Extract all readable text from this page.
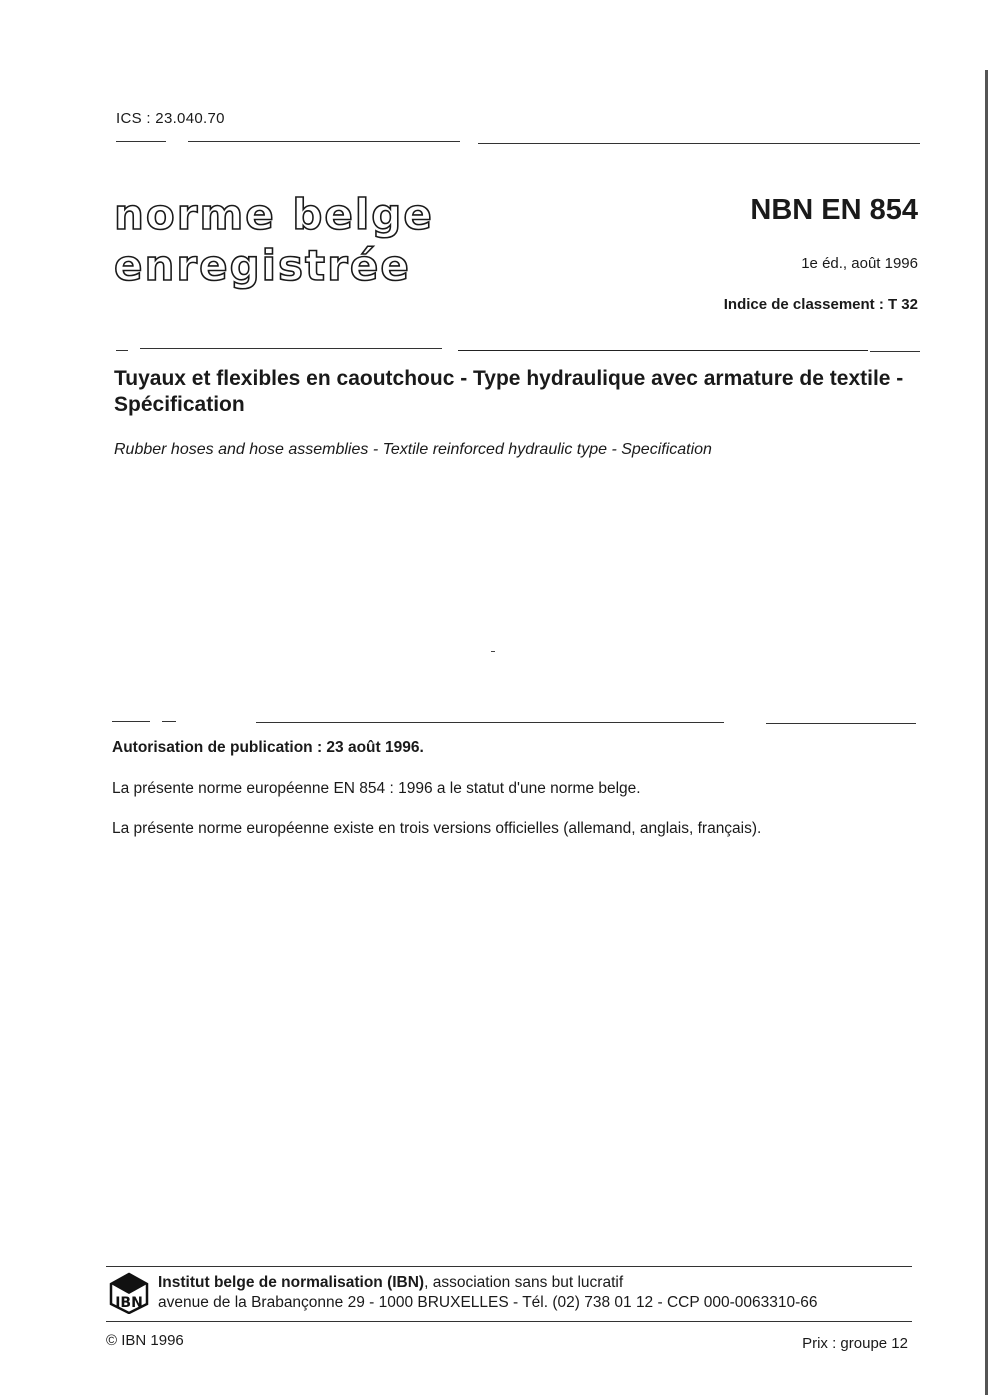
ICS : 23.040.70
norme belge
enregistrée
NBN EN 854
1e éd., août 1996
Indice de classement : T 32
Tuyaux et flexibles en caoutchouc - Type hydraulique avec armature de textile - Spécification
Rubber hoses and hose assemblies - Textile reinforced hydraulic type - Specification
Autorisation de publication : 23 août 1996.
La présente norme européenne EN 854 : 1996 a le statut d'une norme belge.
La présente norme européenne existe en trois versions officielles (allemand, anglais, français).
IBN
Institut belge de normalisation (IBN), association sans but lucratif
avenue de la Brabançonne 29 - 1000 BRUXELLES - Tél. (02) 738 01 12 - CCP 000-0063310-66
© IBN 1996	Prix : groupe 12
